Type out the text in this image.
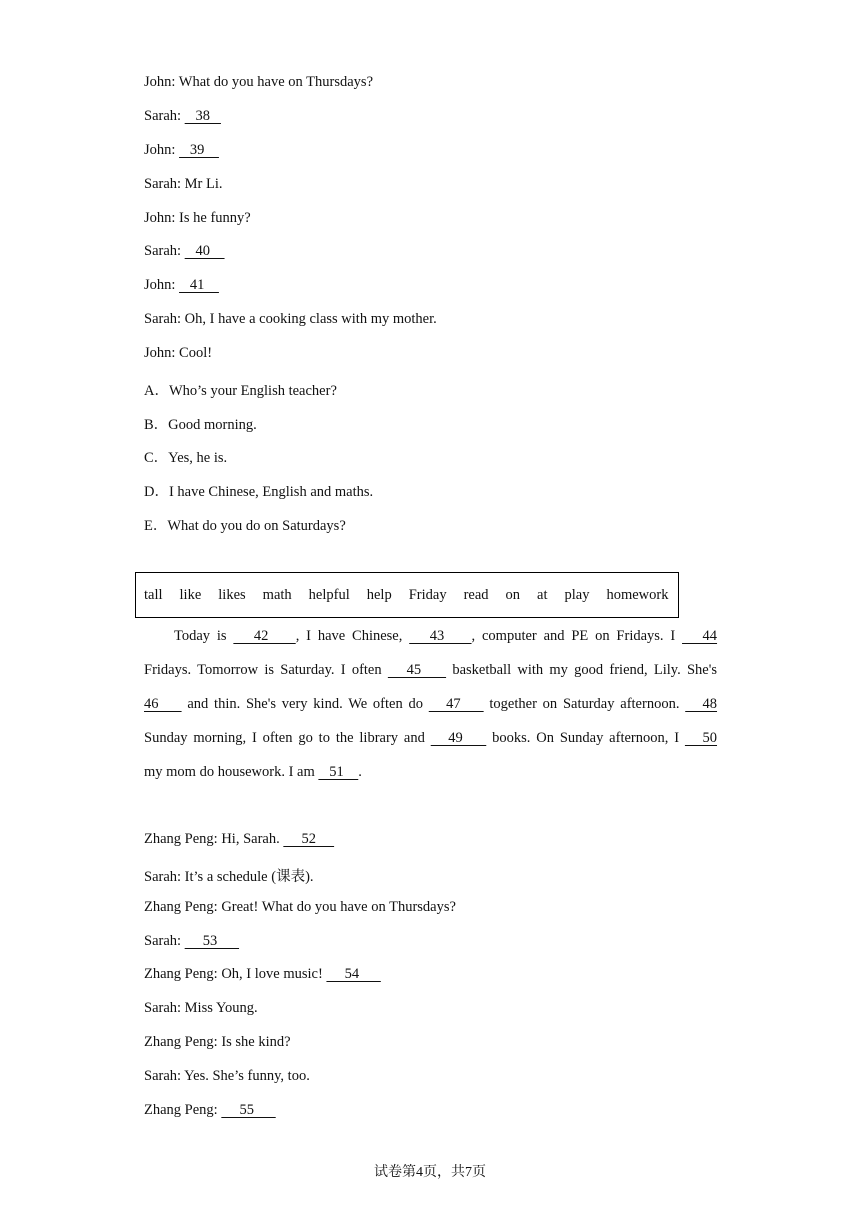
John: What do you have on Thursdays?
Sarah:    38
John:    39
Sarah: Mr Li.
John: Is he funny?
Sarah:    40
John:    41
Sarah: Oh, I have a cooking class with my mother.
John: Cool!
A．Who’s your English teacher?
B．Good morning.
C．Yes, he is.
D．I have Chinese, English and maths.
E．What do you do on Saturdays?
tall like likes math helpful help Friday read on at play homework
Today is    42    , I have Chinese,    43    , computer and PE on Fridays. I    44
Fridays. Tomorrow is Saturday. I often    45     basketball with my good friend, Lily. She's
46     and thin. She's very kind. We often do    47     together on Saturday afternoon.    48
Sunday morning, I often go to the library and    49     books. On Sunday afternoon, I    50
my mom do housework. I am    51    .
Zhang Peng: Hi, Sarah.      52
Sarah: It’s a schedule (课表).
Zhang Peng: Great! What do you have on Thursdays?
Sarah:      53
Zhang Peng: Oh, I love music!      54
Sarah: Miss Young.
Zhang Peng: Is she kind?
Sarah: Yes. She’s funny, too.
Zhang Peng:      55
试卷第4页，共7页
